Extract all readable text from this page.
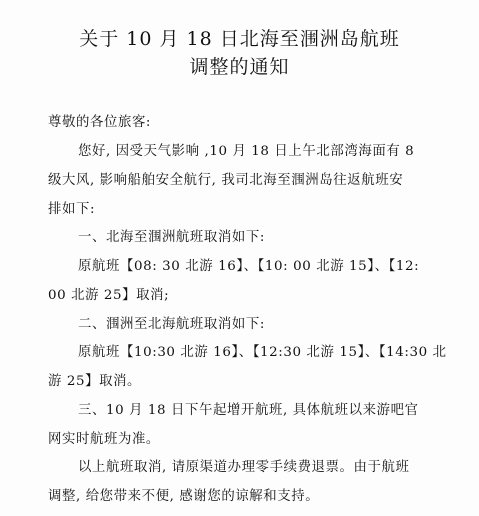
关于 10 月 18 日北海至涠洲岛航班
调整的通知
尊敬的各位旅客:
您好, 因受天气影响 ,10 月 18 日上午北部湾海面有 8
级大风, 影响船舶安全航行, 我司北海至涠洲岛往返航班安
排如下:
一、北海至涠洲航班取消如下:
原航班【08: 30 北游 16】、【10: 00 北游 15】、【12:
00 北游 25】取消;
二、涠洲至北海航班取消如下:
原航班【10:30 北游 16】、【12:30 北游 15】、【14:30 北
游 25】取消。
三、10 月 18 日下午起增开航班, 具体航班以来游吧官
网实时航班为准。
以上航班取消, 请原渠道办理零手续费退票。由于航班
调整, 给您带来不便, 感谢您的谅解和支持。
